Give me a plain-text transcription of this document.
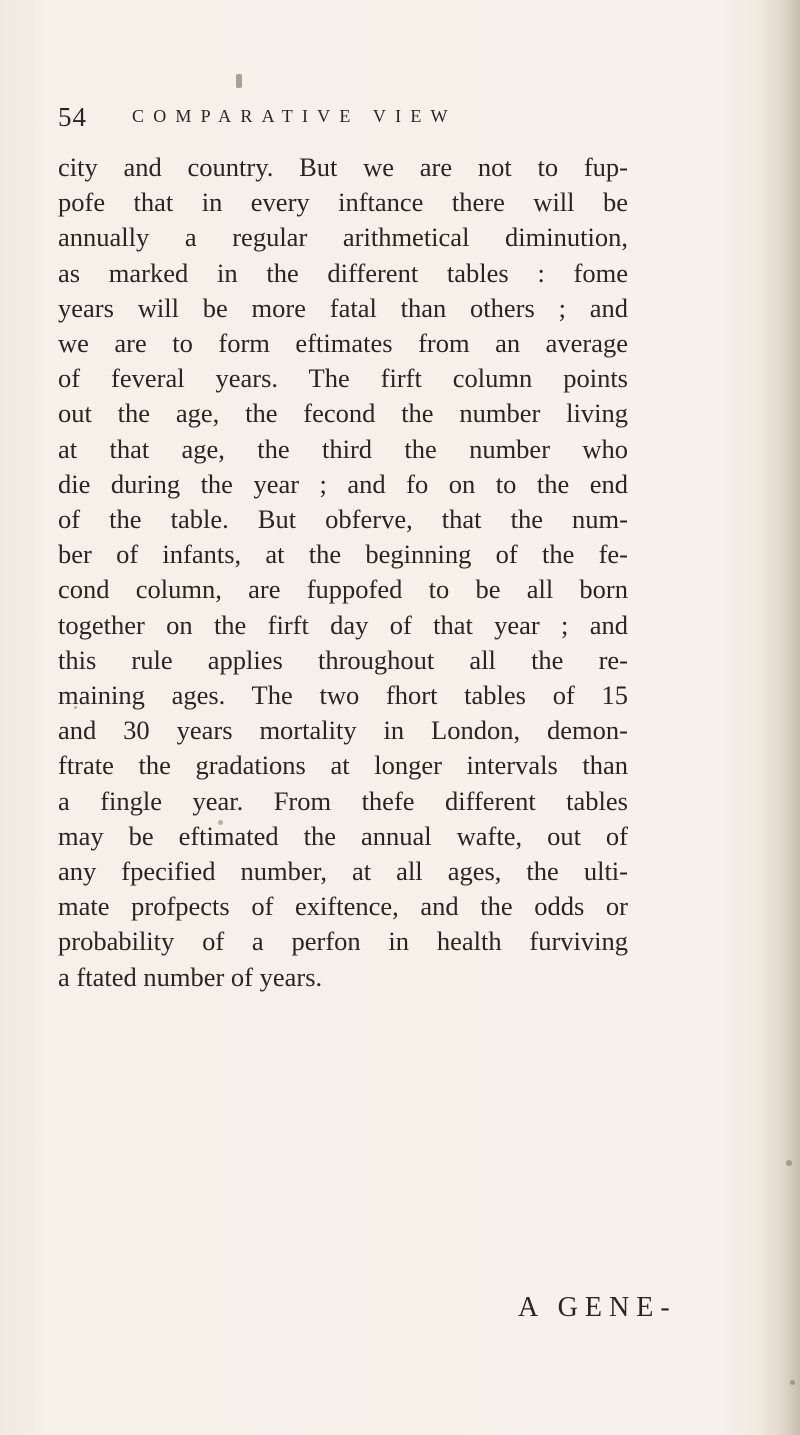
54	COMPARATIVE VIEW
city and country. But we are not to fup-
pofe that in every inftance there will be
annually a regular arithmetical diminution,
as marked in the different tables : fome
years will be more fatal than others ; and
we are to form eftimates from an average
of feveral years. The firft column points
out the age, the fecond the number living
at that age, the third the number who
die during the year ; and fo on to the end
of the table. But obferve, that the num-
ber of infants, at the beginning of the fe-
cond column, are fuppofed to be all born
together on the firft day of that year ; and
this rule applies throughout all the re-
maining ages. The two fhort tables of 15
and 30 years mortality in London, demon-
ftrate the gradations at longer intervals than
a fingle year. From thefe different tables
may be eftimated the annual wafte, out of
any fpecified number, at all ages, the ulti-
mate profpects of exiftence, and the odds or
probability of a perfon in health furviving
a ftated number of years.
A GENE-
